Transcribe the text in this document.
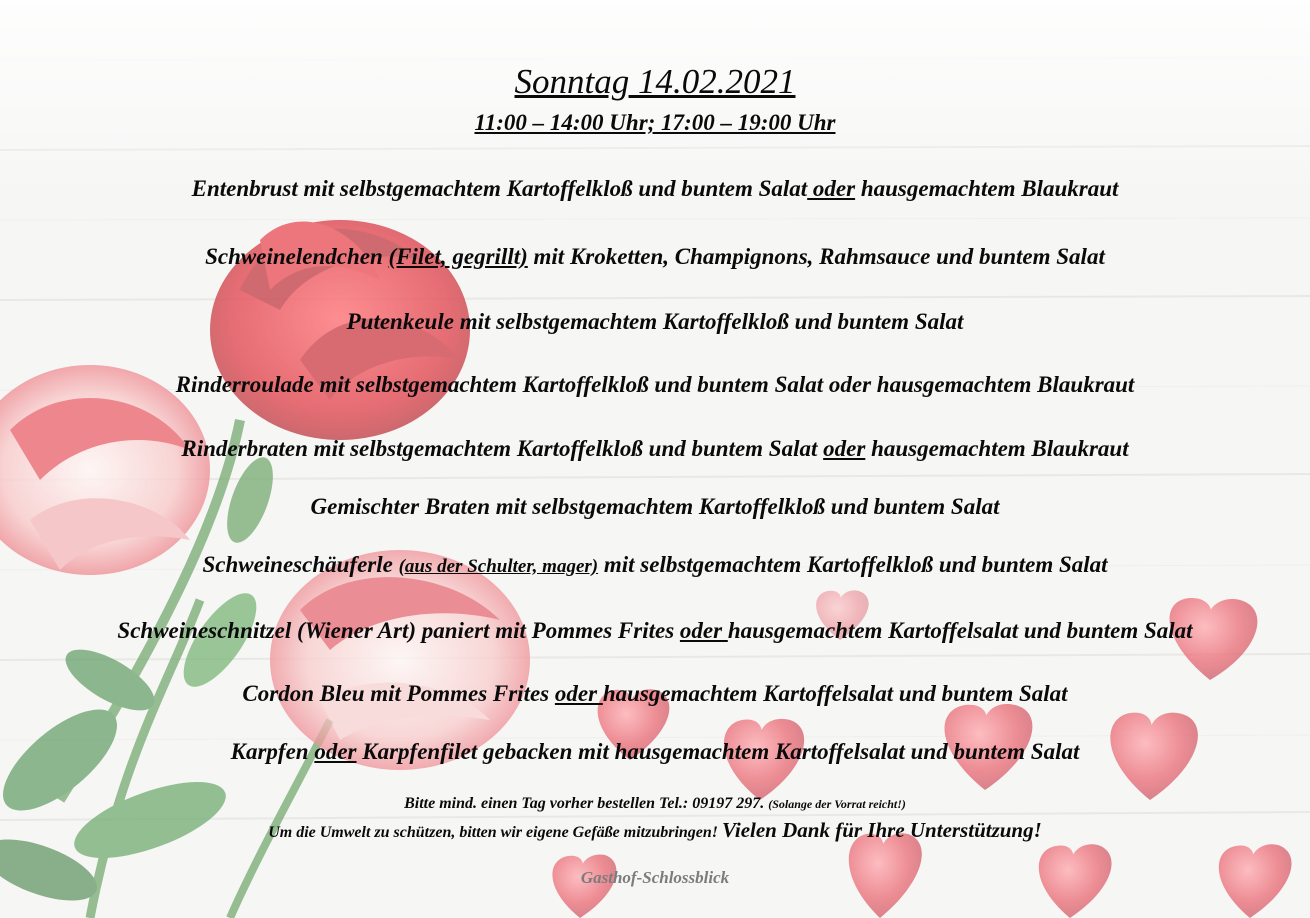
Sonntag 14.02.2021
11:00 – 14:00 Uhr; 17:00 – 19:00 Uhr
Entenbrust mit selbstgemachtem Kartoffelkloß und buntem Salat oder hausgemachtem Blaukraut
Schweinelendchen (Filet, gegrillt) mit Kroketten, Champignons, Rahmsauce und buntem Salat
Putenkeule mit selbstgemachtem Kartoffelkloß und buntem Salat
Rinderroulade mit selbstgemachtem Kartoffelkloß und buntem Salat oder hausgemachtem Blaukraut
Rinderbraten mit selbstgemachtem Kartoffelkloß und buntem Salat oder hausgemachtem Blaukraut
Gemischter Braten mit selbstgemachtem Kartoffelkloß und buntem Salat
Schweineschäuferle (aus der Schulter, mager) mit selbstgemachtem Kartoffelkloß und buntem Salat
Schweineschnitzel (Wiener Art) paniert mit Pommes Frites oder hausgemachtem Kartoffelsalat und buntem Salat
Cordon Bleu mit Pommes Frites oder hausgemachtem Kartoffelsalat und buntem Salat
Karpfen oder Karpfenfilet gebacken mit hausgemachtem Kartoffelsalat und buntem Salat
Bitte mind. einen Tag vorher bestellen Tel.: 09197 297. (Solange der Vorrat reicht!)
Um die Umwelt zu schützen, bitten wir eigene Gefäße mitzubringen! Vielen Dank für Ihre Unterstützung!
Gasthof-Schlossblick
